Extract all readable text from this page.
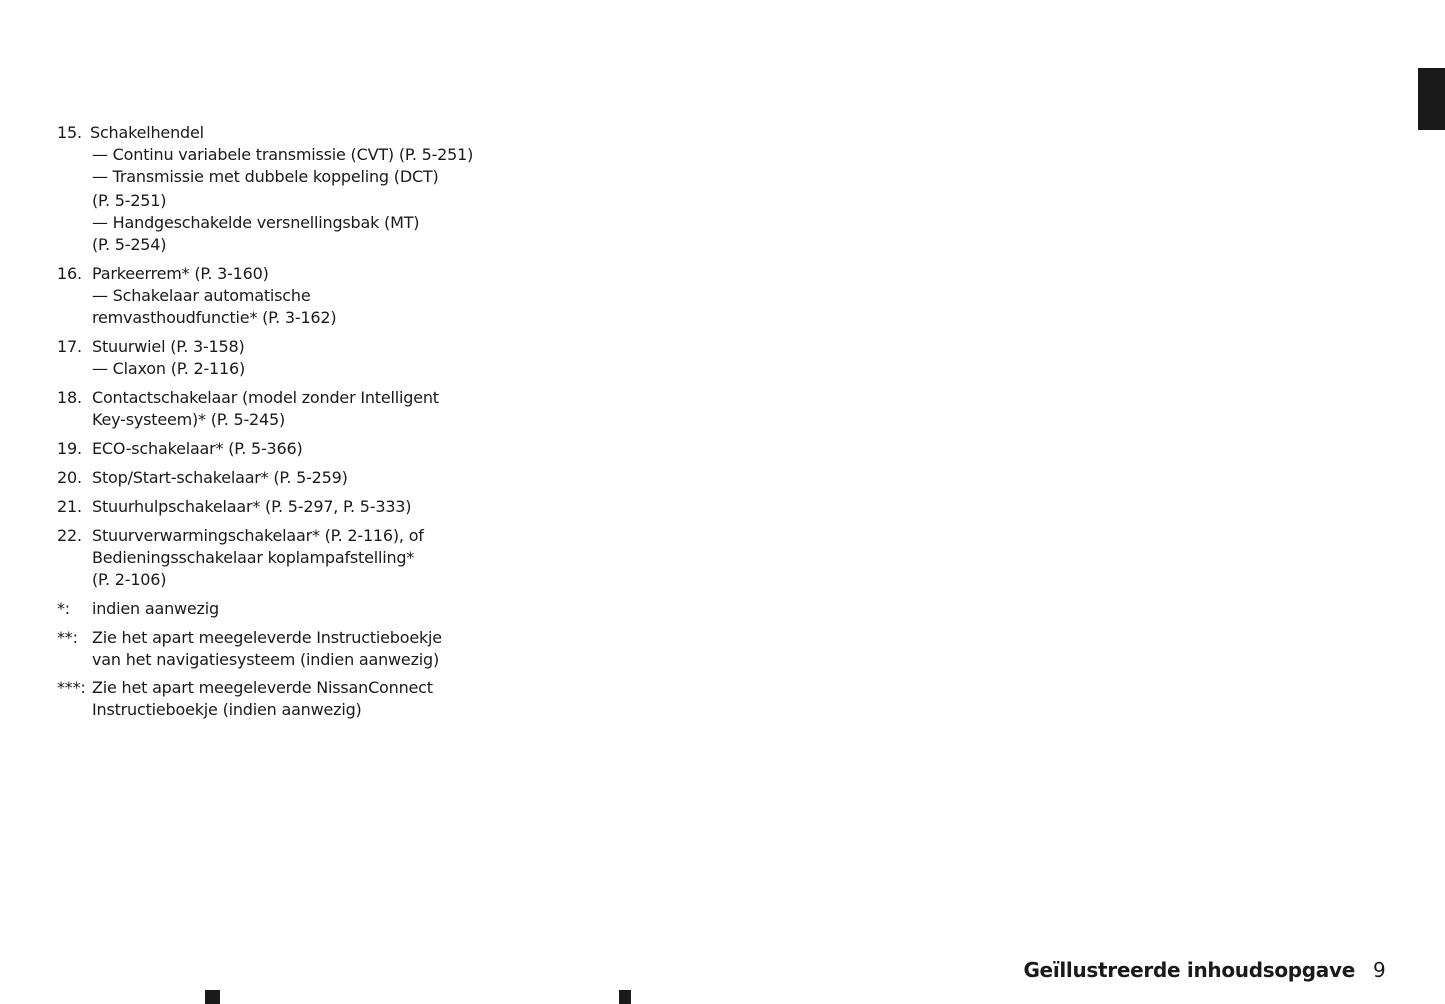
15. Schakelhendel
— Continu variabele transmissie (CVT) (P. 5-251)
— Transmissie met dubbele koppeling (DCT)
(P. 5-251)
— Handgeschakelde versnellingsbak (MT)
(P. 5-254)
16. Parkeerrem* (P. 3-160)
— Schakelaar automatische
remvasthoudfunctie* (P. 3-162)
17. Stuurwiel (P. 3-158)
— Claxon (P. 2-116)
18. Contactschakelaar (model zonder Intelligent
Key-systeem)* (P. 5-245)
19. ECO-schakelaar* (P. 5-366)
20. Stop/Start-schakelaar* (P. 5-259)
21. Stuurhulpschakelaar* (P. 5-297, P. 5-333)
22. Stuurverwarmingschakelaar* (P. 2-116), of
Bedieningsschakelaar koplampafstelling*
(P. 2-106)
*: indien aanwezig
**: Zie het apart meegeleverde Instructieboekje
van het navigatiesysteem (indien aanwezig)
***: Zie het apart meegeleverde NissanConnect
Instructieboekje (indien aanwezig)
Geïllustreerde inhoudsopgave 9
